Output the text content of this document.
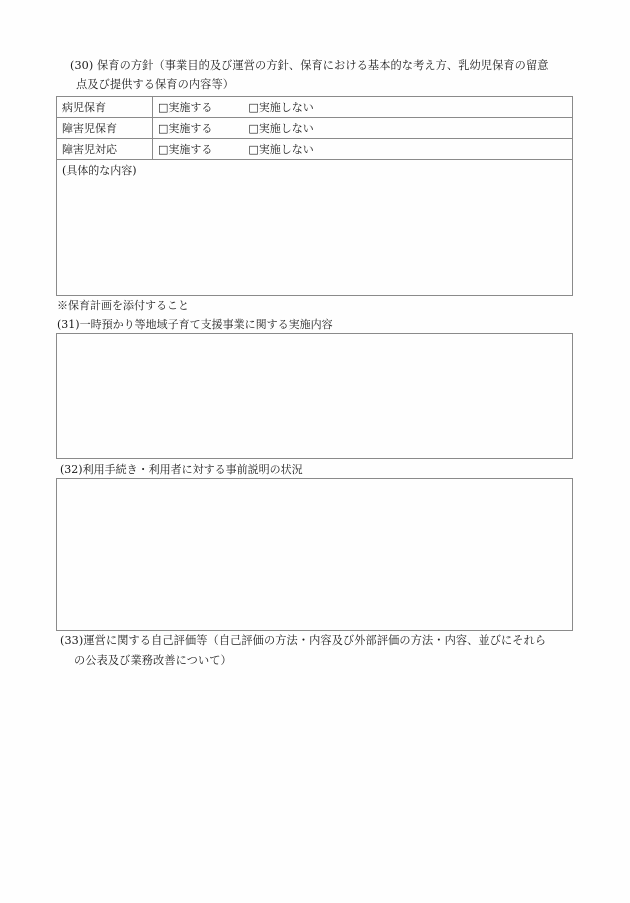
(30) 保育の方針（事業目的及び運営の方針、保育における基本的な考え方、乳幼児保育の留意
点及び提供する保育の内容等）
病児保育	□実施する □実施しない
障害児保育	□実施する □実施しない
障害児対応	□実施する □実施しない
(具体的な内容)	
※保育計画を添付すること
(31)一時預かり等地域子育て支援事業に関する実施内容
(32)利用手続き・利用者に対する事前説明の状況
(33)運営に関する自己評価等（自己評価の方法・内容及び外部評価の方法・内容、並びにそれら
の公表及び業務改善について）
